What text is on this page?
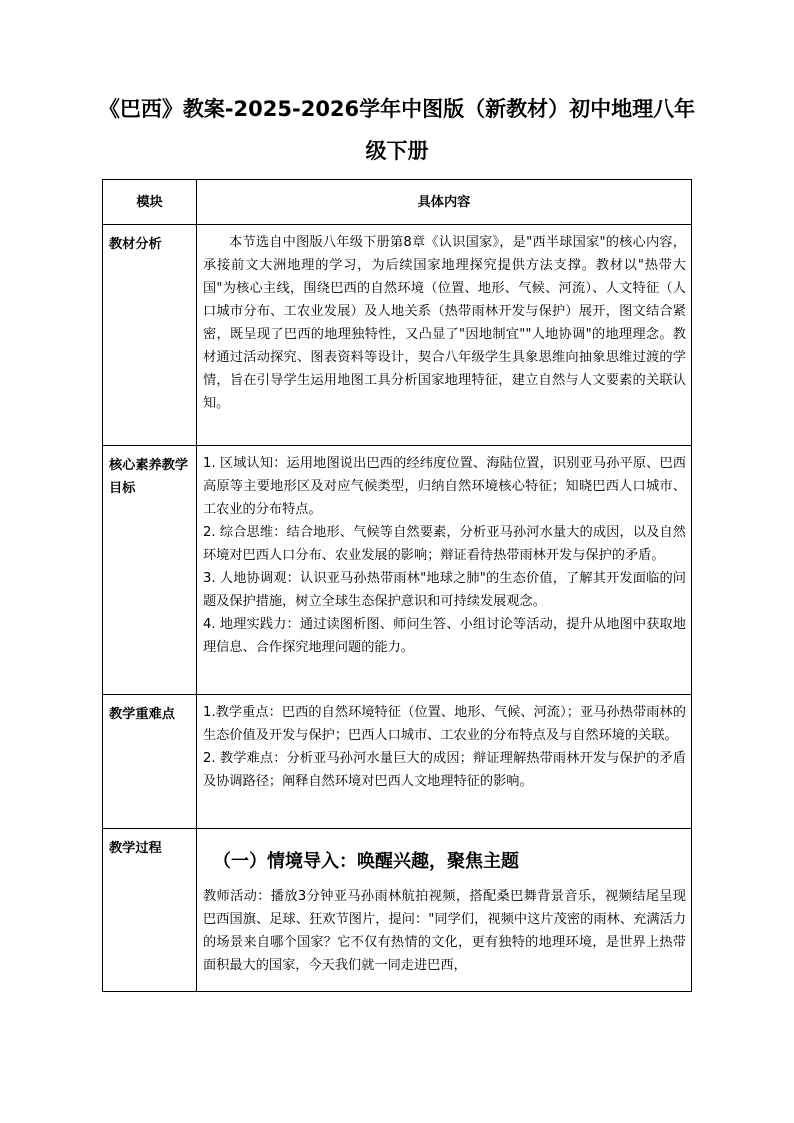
《巴西》教案-2025-2026学年中图版（新教材）初中地理八年
级下册
模块	具体内容
教材分析	本节选自中图版八年级下册第8章《认识国家》，是"西半球国家"的核心内容，承接前文大洲地理的学习，为后续国家地理探究提供方法支撑。教材以"热带大国"为核心主线，围绕巴西的自然环境（位置、地形、气候、河流）、人文特征（人口城市分布、工农业发展）及人地关系（热带雨林开发与保护）展开，图文结合紧密，既呈现了巴西的地理独特性，又凸显了"因地制宜""人地协调"的地理理念。教材通过活动探究、图表资料等设计，契合八年级学生具象思维向抽象思维过渡的学情，旨在引导学生运用地图工具分析国家地理特征，建立自然与人文要素的关联认知。

核心素养教学目标	1. 区域认知：运用地图说出巴西的经纬度位置、海陆位置，识别亚马孙平原、巴西高原等主要地形区及对应气候类型，归纳自然环境核心特征；知晓巴西人口城市、工农业的分布特点。

2. 综合思维：结合地形、气候等自然要素，分析亚马孙河水量大的成因，以及自然环境对巴西人口分布、农业发展的影响；辩证看待热带雨林开发与保护的矛盾。

3. 人地协调观：认识亚马孙热带雨林"地球之肺"的生态价值，了解其开发面临的问题及保护措施，树立全球生态保护意识和可持续发展观念。

4. 地理实践力：通过读图析图、师问生答、小组讨论等活动，提升从地图中获取地理信息、合作探究地理问题的能力。

教学重难点	1.教学重点：巴西的自然环境特征（位置、地形、气候、河流）；亚马孙热带雨林的生态价值及开发与保护；巴西人口城市、工农业的分布特点及与自然环境的关联。

2. 教学难点：分析亚马孙河水量巨大的成因；辩证理解热带雨林开发与保护的矛盾及协调路径；阐释自然环境对巴西人文地理特征的影响。

教学过程	（一）情境导入：唤醒兴趣，聚焦主题

教师活动：播放3分钟亚马孙雨林航拍视频，搭配桑巴舞背景音乐，视频结尾呈现巴西国旗、足球、狂欢节图片，提问："同学们，视频中这片茂密的雨林、充满活力的场景来自哪个国家？它不仅有热情的文化，更有独特的地理环境，是世界上热带面积最大的国家，今天我们就一同走进巴西，
